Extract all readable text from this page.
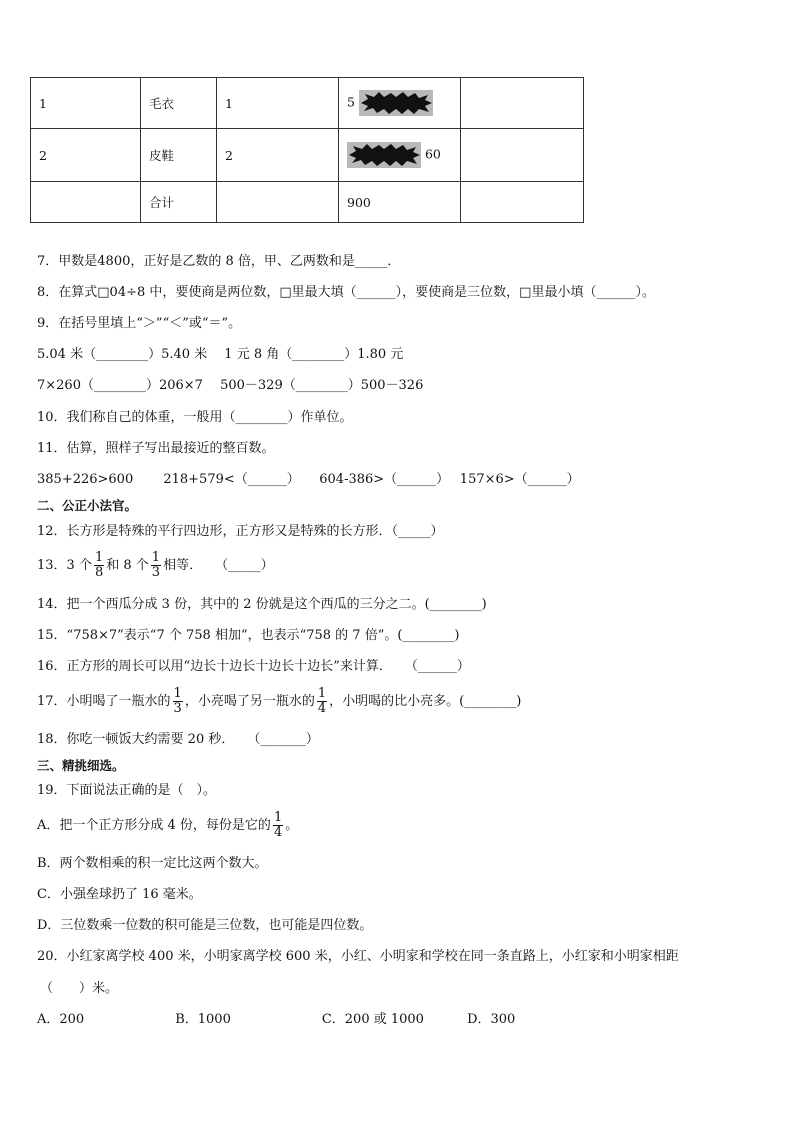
1	毛衣	1	5

2	皮鞋	2	60	
	合计		900	
7．甲数是4800，正好是乙数的 8 倍，甲、乙两数和是_____．
8．在算式□04÷8 中，要使商是两位数，□里最大填（______），要使商是三位数，□里最小填（______）。
9．在括号里填上“＞”“＜”或“＝”。
5.04 米（________）5.40 米　 1 元 8 角（________）1.80 元
7×260（________）206×7　 500－329（________）500－326
10．我们称自己的体重，一般用（________）作单位。
11．估算，照样子写出最接近的整百数。
385+226>600　　 218+579<（______）　　604-386>（______）　 157×6>（______）
二、公正小法官。
12．长方形是特殊的平行四边形，正方形又是特殊的长方形．（_____）
13．3 个 $\frac{1}{8}$ 和 8 个 $\frac{1}{3}$ 相等．　　（_____）
14．把一个西瓜分成 3 份，其中的 2 份就是这个西瓜的三分之二。(________)
15．“758×7”表示“7 个 758 相加”，也表示“758 的 7 倍”。(________)
16．正方形的周长可以用“边长十边长十边长十边长”来计算．　　（______）
17．小明喝了一瓶水的 $\frac{1}{3}$ ，小亮喝了另一瓶水的 $\frac{1}{4}$ ，小明喝的比小亮多。(________)
18．你吃一顿饭大约需要 20 秒．　　（_______）
三、精挑细选。
19．下面说法正确的是（　）。
A．把一个正方形分成 4 份，每份是它的 $\frac{1}{4}$ 。
B．两个数相乘的积一定比这两个数大。
C．小强垒球扔了 16 毫米。
D．三位数乘一位数的积可能是三位数，也可能是四位数。
20．小红家离学校 400 米，小明家离学校 600 米，小红、小明家和学校在同一条直路上，小红家和小明家相距
（　　）米。
A．200　　　　　　　B．1000　　　　　　　C．200 或 1000　　　 D．300
